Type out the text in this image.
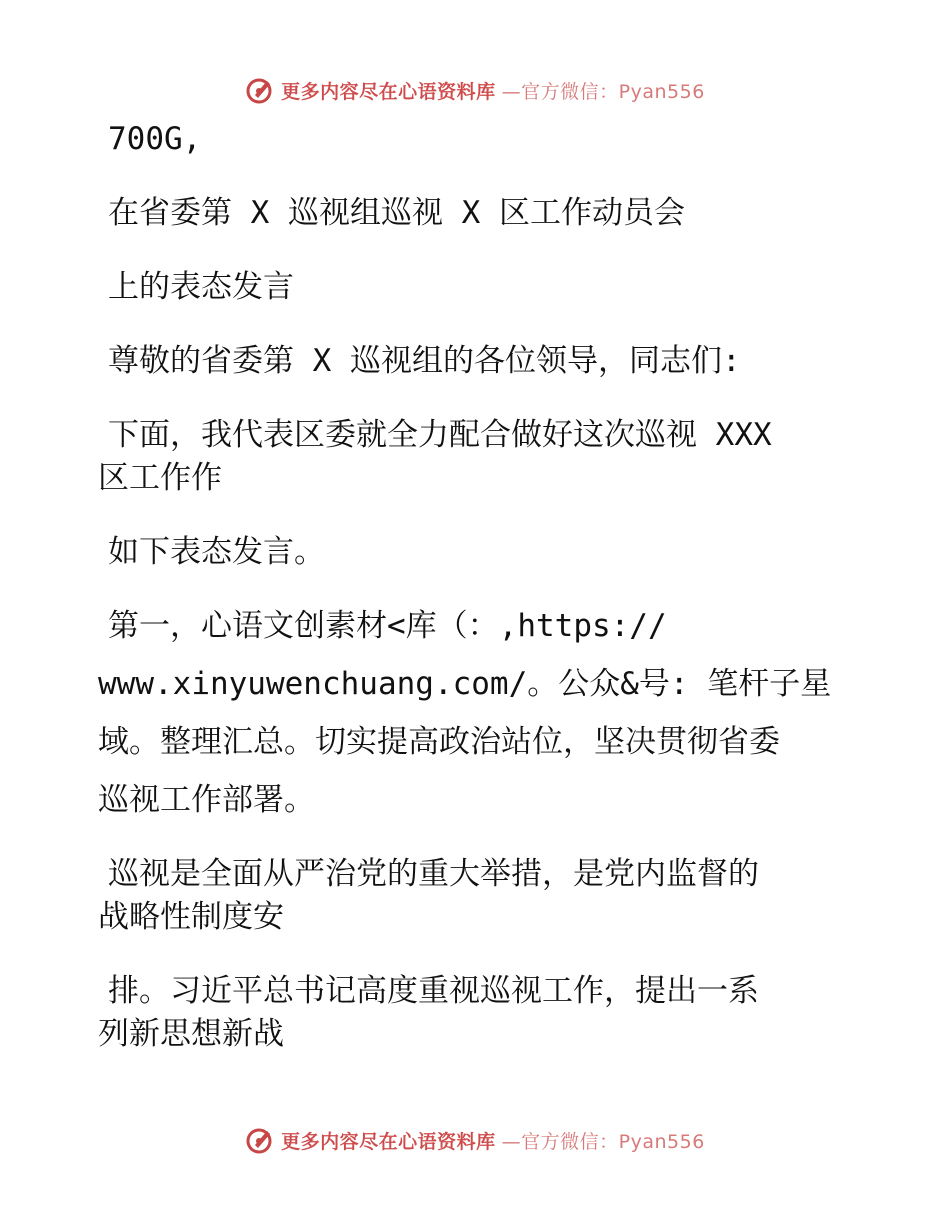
更多内容尽在心语资料库 —官方微信：Pyan556

700G,

在省委第 X 巡视组巡视 X 区工作动员会

上的表态发言

尊敬的省委第 X 巡视组的各位领导，同志们:

下面，我代表区委就全力配合做好这次巡视 XXX

区工作作

如下表态发言。

第一，心语文创素材<库（：,https://

www.xinyuwenchuang.com/。公众&号: 笔杆子星

域。整理汇总。切实提高政治站位，坚决贯彻省委

巡视工作部署。

巡视是全面从严治党的重大举措，是党内监督的

战略性制度安

排。习近平总书记高度重视巡视工作，提出一系

列新思想新战

更多内容尽在心语资料库 —官方微信：Pyan556
